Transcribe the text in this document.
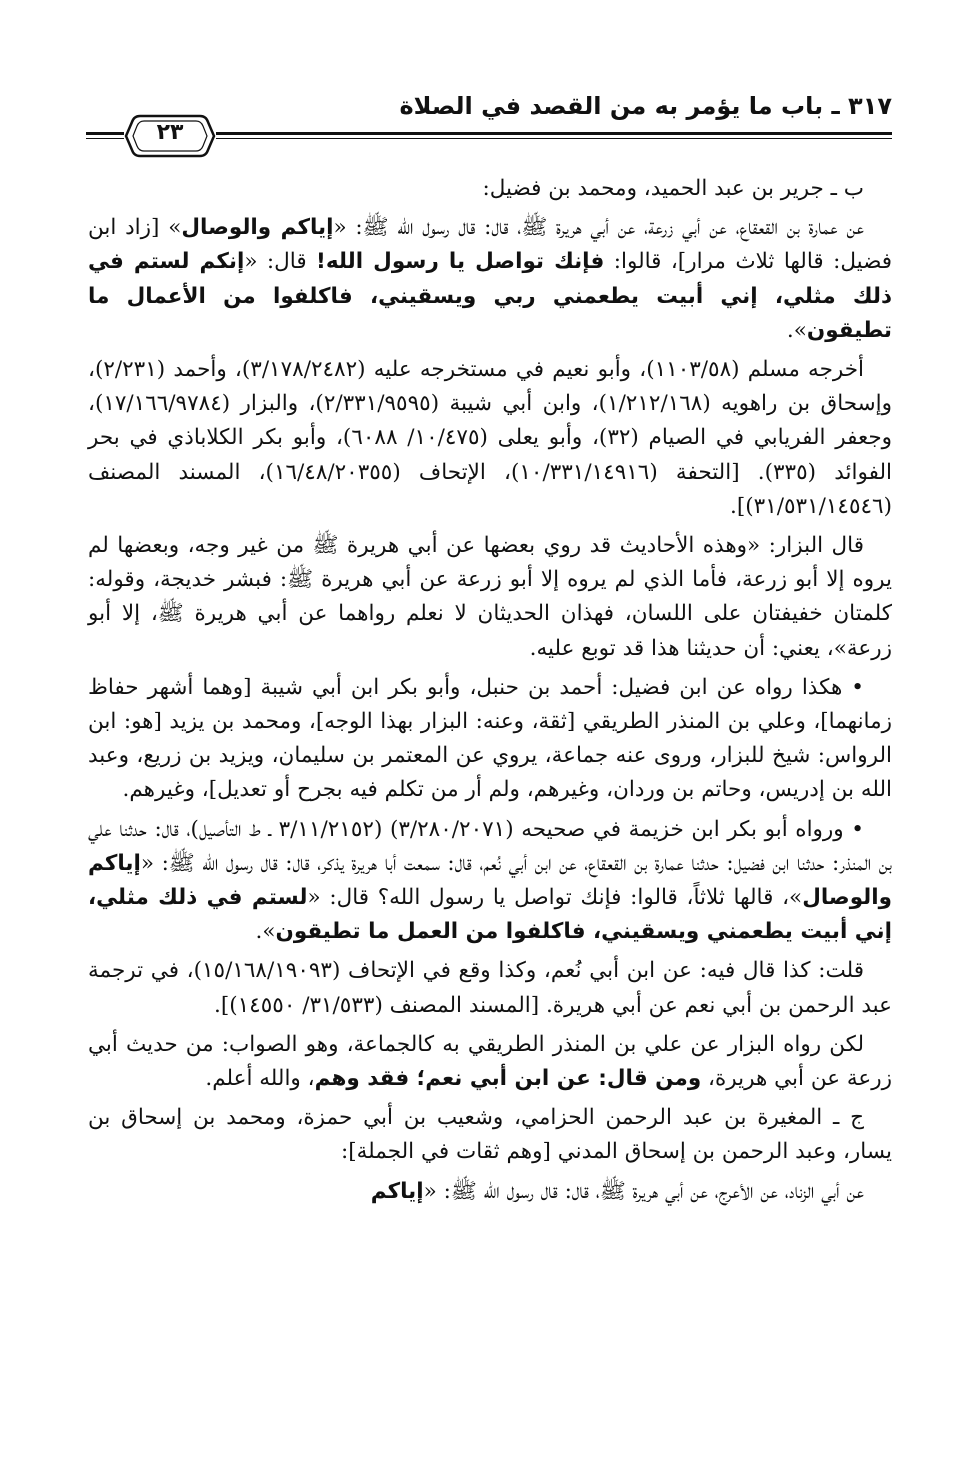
٣١٧ ـ باب ما يؤمر به من القصد في الصلاة
٢٣

ب ـ جرير بن عبد الحميد، ومحمد بن فضيل:

عن عمارة بن القعقاع، عن أبي زرعة، عن أبي هريرة ﷺ، قال: قال رسول الله ﷺ: «إياكم والوصال» [زاد ابن فضيل: قالها ثلاث مرار]، قالوا: فإنك تواصل يا رسول الله! قال: «إنكم لستم في ذلك مثلي، إني أبيت يطعمني ربي ويسقيني، فاكلفوا من الأعمال ما تطيقون».

أخرجه مسلم (١١٠٣/٥٨)، وأبو نعيم في مستخرجه عليه (٣/١٧٨/٢٤٨٢)، وأحمد (٢/٢٣١)، وإسحاق بن راهويه (١/٢١٢/١٦٨)، وابن أبي شيبة (٢/٣٣١/٩٥٩٥)، والبزار (١٧/١٦٦/٩٧٨٤)، وجعفر الفريابي في الصيام (٣٢)، وأبو يعلى (١٠/٤٧٥/ ٦٠٨٨)، وأبو بكر الكلاباذي في بحر الفوائد (٣٣٥). [التحفة (١٠/٣٣١/١٤٩١٦)، الإتحاف (١٦/٤٨/٢٠٣٥٥)، المسند المصنف (٣١/٥٣١/١٤٥٤٦)].

قال البزار: «وهذه الأحاديث قد روي بعضها عن أبي هريرة ﷺ من غير وجه، وبعضها لم يروه إلا أبو زرعة، فأما الذي لم يروه إلا أبو زرعة عن أبي هريرة ﷺ: فبشر خديجة، وقوله: كلمتان خفيفتان على اللسان، فهذان الحديثان لا نعلم رواهما عن أبي هريرة ﷺ، إلا أبو زرعة»، يعني: أن حديثنا هذا قد توبع عليه.

• هكذا رواه عن ابن فضيل: أحمد بن حنبل، وأبو بكر ابن أبي شيبة [وهما أشهر حفاظ زمانهما]، وعلي بن المنذر الطريقي [ثقة، وعنه: البزار بهذا الوجه]، ومحمد بن يزيد [هو: ابن الرواس: شيخ للبزار، وروى عنه جماعة، يروي عن المعتمر بن سليمان، ويزيد بن زريع، وعبد الله بن إدريس، وحاتم بن وردان، وغيرهم، ولم أر من تكلم فيه بجرح أو تعديل]، وغيرهم.

• ورواه أبو بكر ابن خزيمة في صحيحه (٣/٢٨٠/٢٠٧١) (٣/١١/٢١٥٢ ـ ط التأصيل)، قال: حدثنا علي بن المنذر: حدثنا ابن فضيل: حدثنا عمارة بن القعقاع، عن ابن أبي نُعم، قال: سمعت أبا هريرة يذكر، قال: قال رسول الله ﷺ: «إياكم والوصال»، قالها ثلاثاً، قالوا: فإنك تواصل يا رسول الله؟ قال: «لستم في ذلك مثلي، إني أبيت يطعمني ويسقيني، فاكلفوا من العمل ما تطيقون».

قلت: كذا قال فيه: عن ابن أبي نُعم، وكذا وقع في الإتحاف (١٥/١٦٨/١٩٠٩٣)، في ترجمة عبد الرحمن بن أبي نعم عن أبي هريرة. [المسند المصنف (٣١/٥٣٣/ ١٤٥٥٠)].

لكن رواه البزار عن علي بن المنذر الطريقي به كالجماعة، وهو الصواب: من حديث أبي زرعة عن أبي هريرة، ومن قال: عن ابن أبي نعم؛ فقد وهم، والله أعلم.

ج ـ المغيرة بن عبد الرحمن الحزامي، وشعيب بن أبي حمزة، ومحمد بن إسحاق بن يسار، وعبد الرحمن بن إسحاق المدني [وهم ثقات في الجملة]:

عن أبي الزناد، عن الأعرج، عن أبي هريرة ﷺ، قال: قال رسول الله ﷺ: «إياكم
